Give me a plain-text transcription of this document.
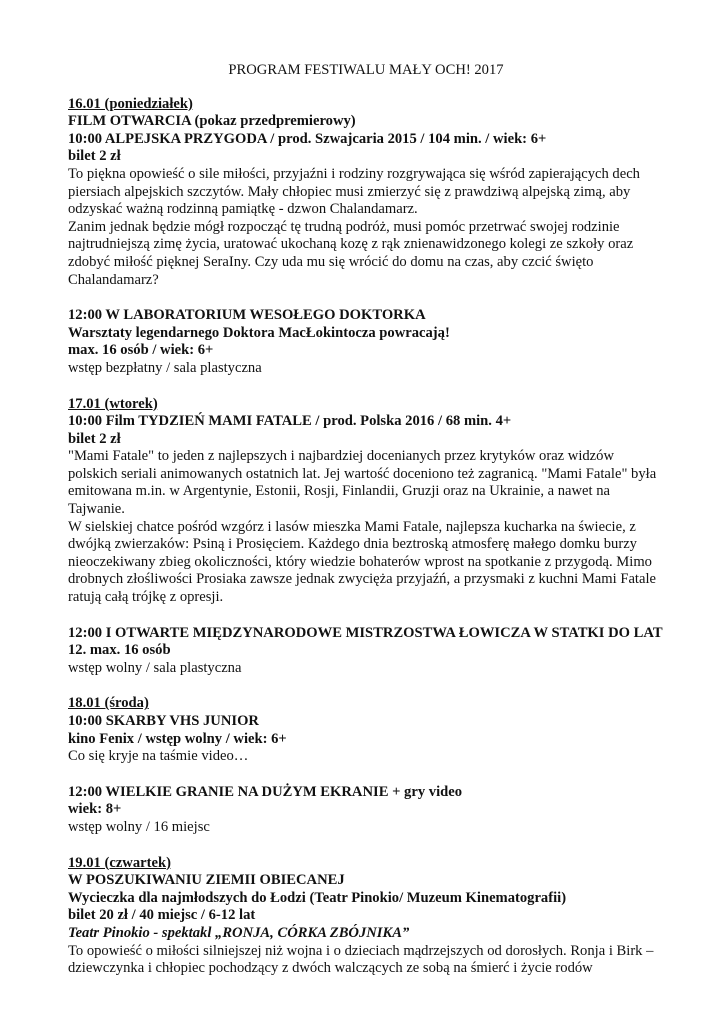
PROGRAM FESTIWALU MAŁY OCH! 2017

16.01 (poniedziałek)

FILM OTWARCIA (pokaz przedpremierowy)

10:00 ALPEJSKA PRZYGODA / prod. Szwajcaria 2015 / 104 min. / wiek: 6+

bilet 2 zł

To piękna opowieść o sile miłości, przyjaźni i rodziny rozgrywająca się wśród zapierających dech piersiach alpejskich szczytów. Mały chłopiec musi zmierzyć się z prawdziwą alpejską zimą, aby odzyskać ważną rodzinną pamiątkę - dzwon Chalandamarz.

Zanim jednak będzie mógł rozpocząć tę trudną podróż, musi pomóc przetrwać swojej rodzinie najtrudniejszą zimę życia, uratować ukochaną kozę z rąk znienawidzonego kolegi ze szkoły oraz zdobyć miłość pięknej SeraIny. Czy uda mu się wrócić do domu na czas, aby czcić święto Chalandamarz?

12:00 W LABORATORIUM WESOŁEGO DOKTORKA

Warsztaty legendarnego Doktora MacŁokintocza powracają!

max. 16 osób / wiek: 6+

wstęp bezpłatny / sala plastyczna

17.01 (wtorek)

10:00 Film TYDZIEŃ MAMI FATALE / prod. Polska 2016 / 68 min. 4+

bilet 2 zł

"Mami Fatale" to jeden z najlepszych i najbardziej docenianych przez krytyków oraz widzów polskich seriali animowanych ostatnich lat. Jej wartość doceniono też zagranicą. "Mami Fatale" była emitowana m.in. w Argentynie, Estonii, Rosji, Finlandii, Gruzji oraz na Ukrainie, a nawet na Tajwanie.

W sielskiej chatce pośród wzgórz i lasów mieszka Mami Fatale, najlepsza kucharka na świecie, z dwójką zwierzaków: Psiną i Prosięciem. Każdego dnia beztroską atmosferę małego domku burzy nieoczekiwany zbieg okoliczności, który wiedzie bohaterów wprost na spotkanie z przygodą. Mimo drobnych złośliwości Prosiaka zawsze jednak zwycięża przyjaźń, a przysmaki z kuchni Mami Fatale ratują całą trójkę z opresji.

12:00 I OTWARTE MIĘDZYNARODOWE MISTRZOSTWA ŁOWICZA W STATKI DO LAT 12. max. 16 osób

wstęp wolny / sala plastyczna

18.01 (środa)

10:00 SKARBY VHS JUNIOR

kino Fenix / wstęp wolny / wiek: 6+

Co się kryje na taśmie video…

12:00 WIELKIE GRANIE NA DUŻYM EKRANIE + gry video

wiek: 8+

wstęp wolny / 16 miejsc

19.01 (czwartek)

W POSZUKIWANIU ZIEMII OBIECANEJ

Wycieczka dla najmłodszych do Łodzi (Teatr Pinokio/ Muzeum Kinematografii)

bilet 20 zł / 40 miejsc / 6-12 lat

Teatr Pinokio - spektakl „RONJA, CÓRKA ZBÓJNIKA”

To opowieść o miłości silniejszej niż wojna i o dzieciach mądrzejszych od dorosłych. Ronja i Birk – dziewczynka i chłopiec pochodzący z dwóch walczących ze sobą na śmierć i życie rodów
